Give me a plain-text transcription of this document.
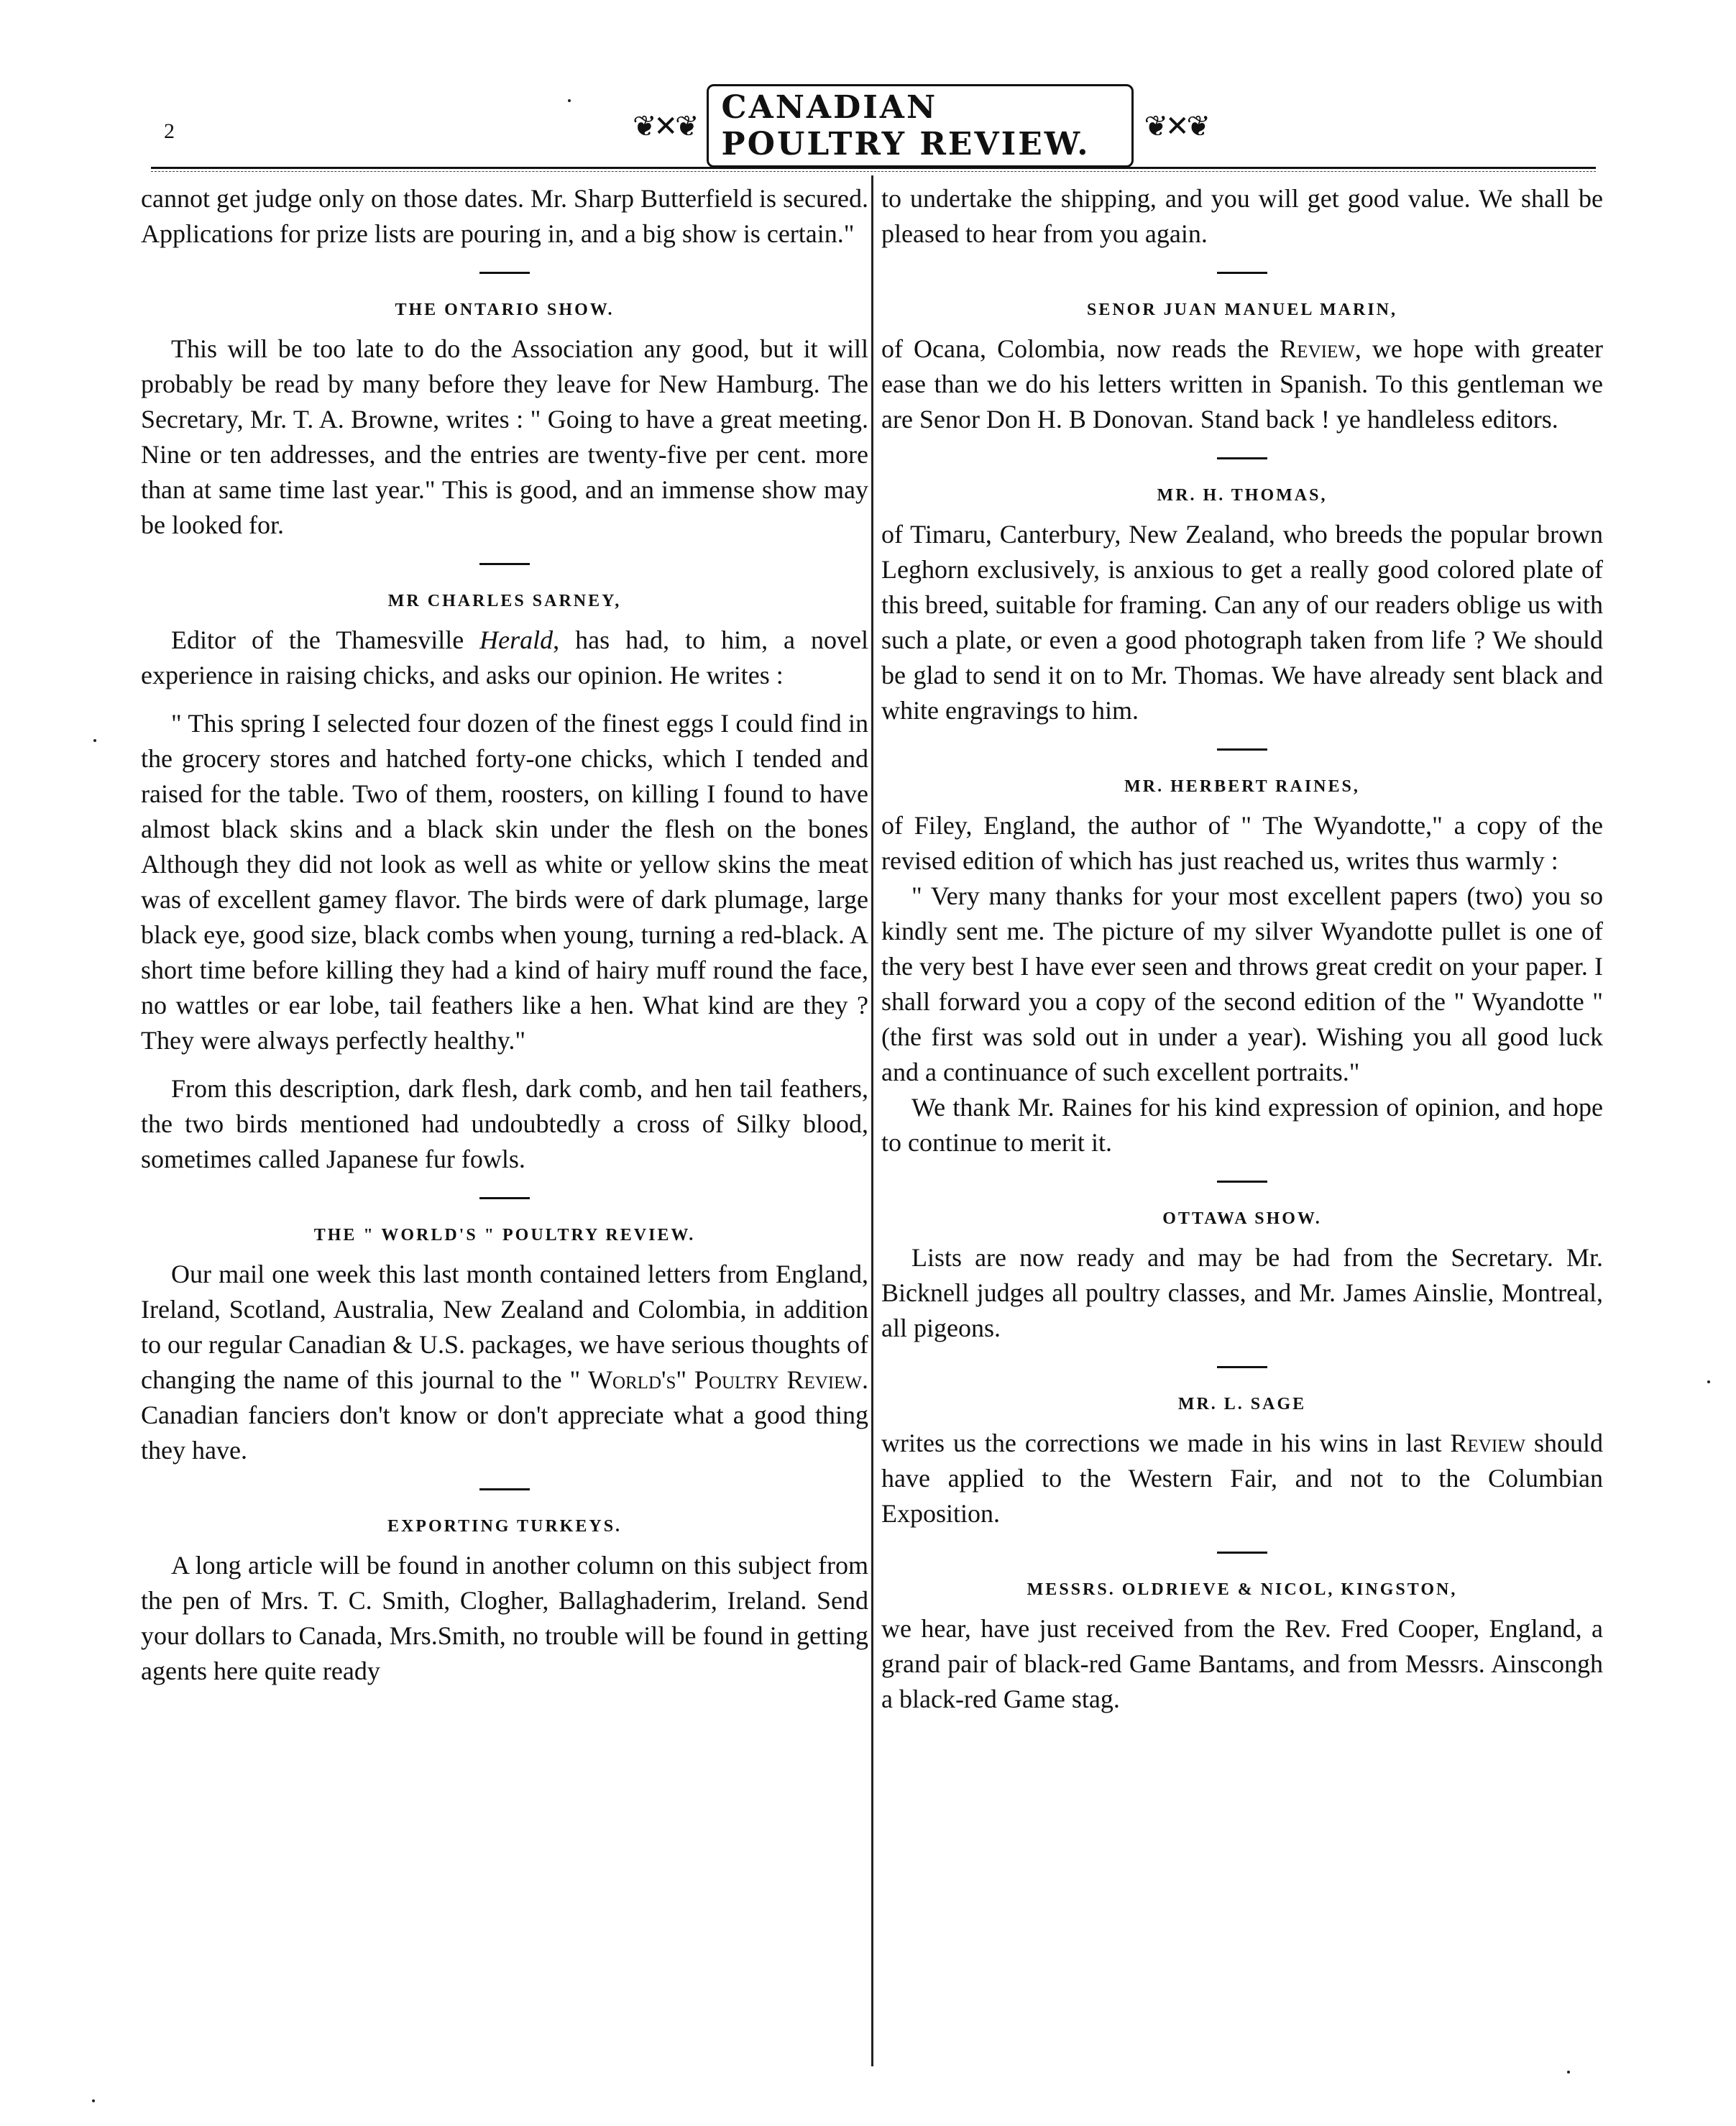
2	❦✕❦ CANADIAN POULTRY REVIEW.	❦✕❦

cannot get judge only on those dates. Mr. Sharp Butterfield is secured. Applications for prize lists are pouring in, and a big show is certain."

THE ONTARIO SHOW.

This will be too late to do the Association any good, but it will probably be read by many before they leave for New Hamburg. The Secretary, Mr. T. A. Browne, writes : " Going to have a great meeting. Nine or ten addresses, and the entries are twenty-five per cent. more than at same time last year." This is good, and an immense show may be looked for.

MR CHARLES SARNEY,

Editor of the Thamesville Herald, has had, to him, a novel experience in raising chicks, and asks our opinion. He writes :

" This spring I selected four dozen of the finest eggs I could find in the grocery stores and hatched forty-one chicks, which I tended and raised for the table. Two of them, roosters, on killing I found to have almost black skins and a black skin under the flesh on the bones Although they did not look as well as white or yellow skins the meat was of excellent gamey flavor. The birds were of dark plumage, large black eye, good size, black combs when young, turning a red-black. A short time before killing they had a kind of hairy muff round the face, no wattles or ear lobe, tail feathers like a hen. What kind are they ? They were always perfectly healthy."

From this description, dark flesh, dark comb, and hen tail feathers, the two birds mentioned had undoubtedly a cross of Silky blood, sometimes called Japanese fur fowls.

THE " WORLD'S " POULTRY REVIEW.

Our mail one week this last month contained letters from England, Ireland, Scotland, Australia, New Zealand and Colombia, in addition to our regular Canadian & U.S. packages, we have serious thoughts of changing the name of this journal to the " World's" Poultry Review. Canadian fanciers don't know or don't appreciate what a good thing they have.

EXPORTING TURKEYS.

A long article will be found in another column on this subject from the pen of Mrs. T. C. Smith, Clogher, Ballaghaderim, Ireland. Send your dollars to Canada, Mrs.Smith, no trouble will be found in getting agents here quite ready

to undertake the shipping, and you will get good value. We shall be pleased to hear from you again.

SENOR JUAN MANUEL MARIN,

of Ocana, Colombia, now reads the Review, we hope with greater ease than we do his letters written in Spanish. To this gentleman we are Senor Don H. B Donovan. Stand back ! ye handleless editors.

MR. H. THOMAS,

of Timaru, Canterbury, New Zealand, who breeds the popular brown Leghorn exclusively, is anxious to get a really good colored plate of this breed, suitable for framing. Can any of our readers oblige us with such a plate, or even a good photograph taken from life ? We should be glad to send it on to Mr. Thomas. We have already sent black and white engravings to him.

MR. HERBERT RAINES,

of Filey, England, the author of " The Wyandotte," a copy of the revised edition of which has just reached us, writes thus warmly :

" Very many thanks for your most excellent papers (two) you so kindly sent me. The picture of my silver Wyandotte pullet is one of the very best I have ever seen and throws great credit on your paper. I shall forward you a copy of the second edition of the " Wyandotte " (the first was sold out in under a year). Wishing you all good luck and a continuance of such excellent portraits."

We thank Mr. Raines for his kind expression of opinion, and hope to continue to merit it.

OTTAWA SHOW.

Lists are now ready and may be had from the Secretary. Mr. Bicknell judges all poultry classes, and Mr. James Ainslie, Montreal, all pigeons.

MR. L. SAGE

writes us the corrections we made in his wins in last Review should have applied to the Western Fair, and not to the Columbian Exposition.

MESSRS. OLDRIEVE & NICOL, KINGSTON,

we hear, have just received from the Rev. Fred Cooper, England, a grand pair of black-red Game Bantams, and from Messrs. Ainscongh a black-red Game stag.
